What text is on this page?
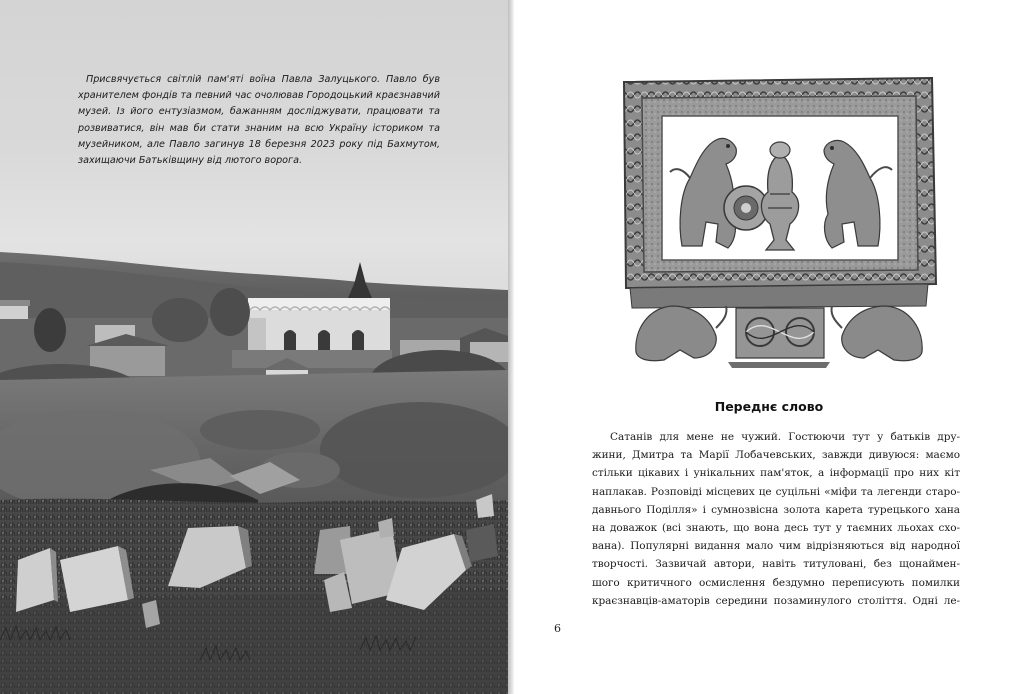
Присвячується світлій пам'яті воїна Павла Залуцького. Павло був хранителем фондів та певний час очолював Городоцький краєзнавчий музей. Із його ентузіазмом, бажанням досліджувати, працювати та розвиватися, він мав би стати знаним на всю Україну істориком та музейником, але Павло загинув 18 березня 2023 року під Бахмутом, захищаючи Батьківщину від лютого ворога.
Переднє слово
Сатанів для мене не чужий. Гостюючи тут у батьків дру-
жини, Дмитра та Марії Лобачевських, завжди дивуюся: маємо
стільки цікавих і унікальних пам'яток, а інформації про них кіт
наплакав. Розповіді місцевих це суцільні «міфи та легенди старо-
давнього Поділля» і сумнозвісна золота карета турецького хана
на доважок (всі знають, що вона десь тут у таємних льохах схо-
вана). Популярні видання мало чим відрізняються від народної
творчості. Зазвичай автори, навіть титуловані, без щонаймен-
шого критичного осмислення бездумно переписують помилки
краєзнавців-аматорів середини позаминулого століття. Одні ле-
6
